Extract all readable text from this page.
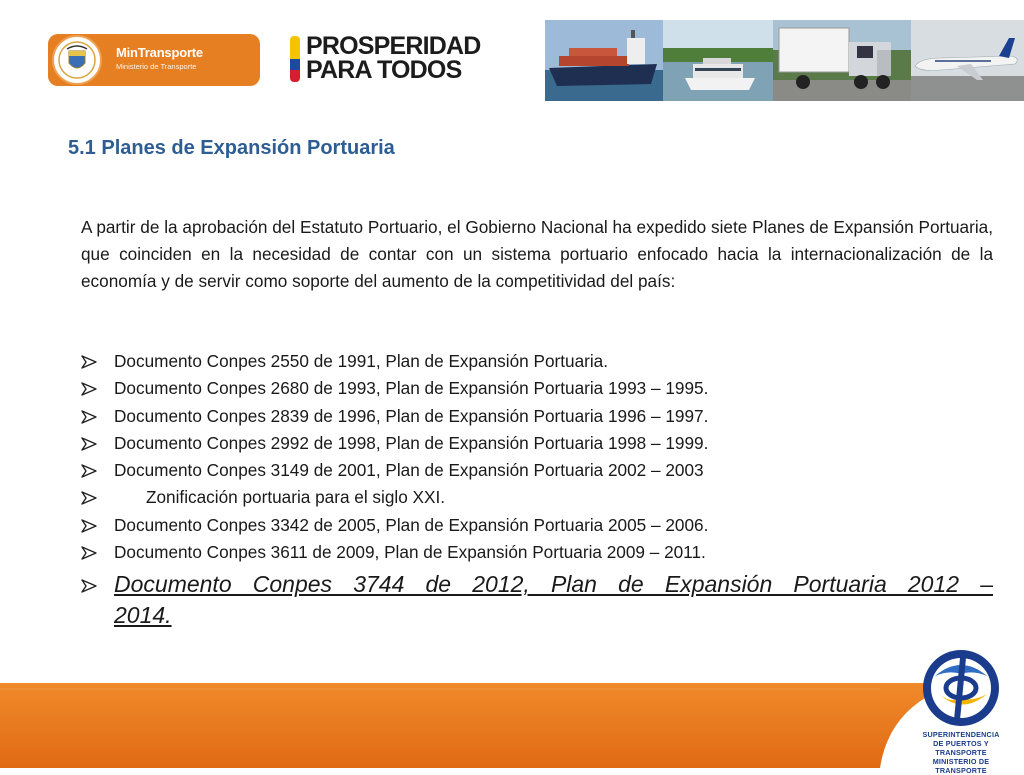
MinTransporte
Ministerio de Transporte
PROSPERIDAD
PARA TODOS
5.1 Planes de Expansión Portuaria
A partir de la aprobación del Estatuto Portuario, el Gobierno Nacional ha expedido siete Planes de Expansión Portuaria, que coinciden en la necesidad de contar con un sistema portuario enfocado hacia la internacionalización de la economía y de servir como soporte del aumento de la competitividad del país:
Documento Conpes 2550 de 1991, Plan de Expansión Portuaria.
Documento Conpes 2680 de 1993, Plan de Expansión Portuaria 1993 – 1995.
Documento Conpes 2839 de 1996, Plan de Expansión Portuaria 1996 – 1997.
Documento Conpes 2992 de 1998, Plan de Expansión Portuaria 1998 – 1999.
Documento Conpes 3149 de 2001, Plan de Expansión Portuaria 2002 – 2003
Zonificación portuaria para el siglo XXI.
Documento Conpes 3342 de 2005, Plan de Expansión Portuaria 2005 – 2006.
Documento Conpes 3611 de 2009, Plan de Expansión Portuaria 2009 – 2011.
Documento Conpes 3744 de 2012, Plan de Expansión Portuaria 2012 –
2014.
SUPERINTENDENCIA
DE PUERTOS Y TRANSPORTE
MINISTERIO DE TRANSPORTE
